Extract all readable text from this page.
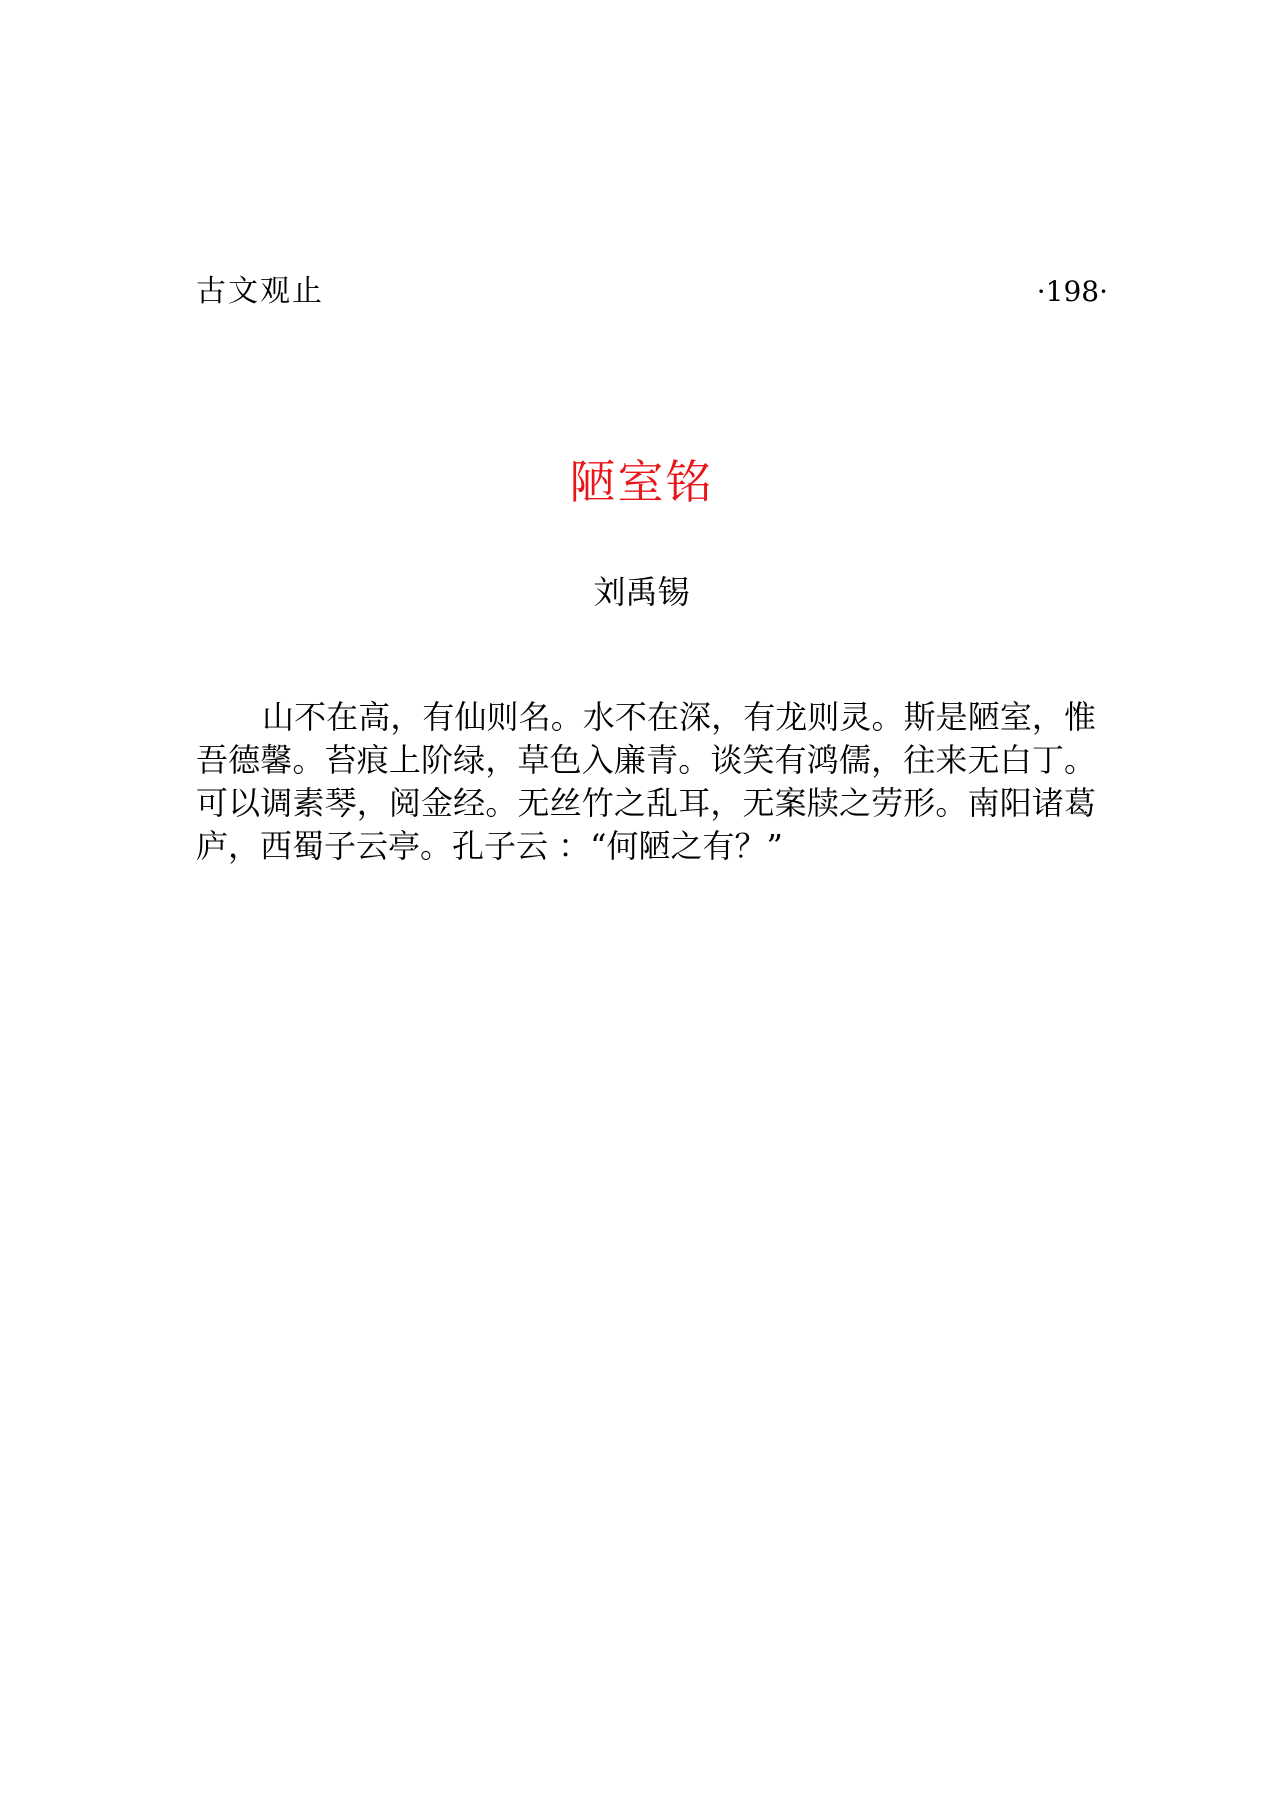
古文观止	·198·
陋室铭
刘禹锡

山不在高，有仙则名。水不在深，有龙则灵。斯是陋室，惟吾德馨。苔痕上阶绿，草色入廉青。谈笑有鸿儒，往来无白丁。可以调素琴，阅金经。无丝竹之乱耳，无案牍之劳形。南阳诸葛庐，西蜀子云亭。孔子云 ：“何陋之有？”
